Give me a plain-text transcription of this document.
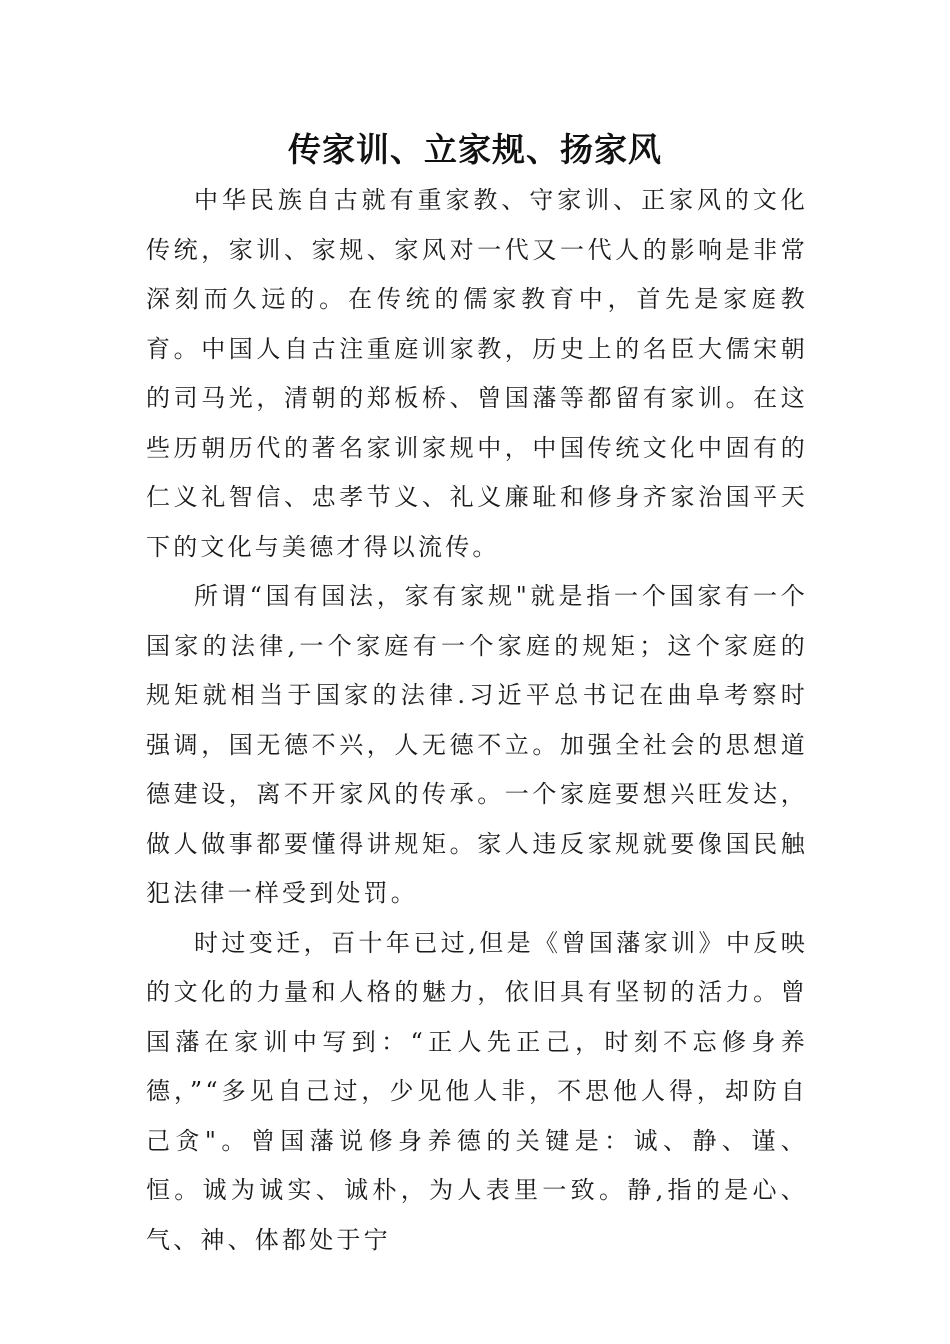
传家训、立家规、扬家风

中华民族自古就有重家教、守家训、正家风的文化传统，家训、家规、家风对一代又一代人的影响是非常深刻而久远的。在传统的儒家教育中，首先是家庭教育。中国人自古注重庭训家教，历史上的名臣大儒宋朝的司马光，清朝的郑板桥、曾国藩等都留有家训。在这些历朝历代的著名家训家规中，中国传统文化中固有的仁义礼智信、忠孝节义、礼义廉耻和修身齐家治国平天下的文化与美德才得以流传。

所谓“国有国法，家有家规"就是指一个国家有一个国家的法律,一个家庭有一个家庭的规矩；这个家庭的规矩就相当于国家的法律.习近平总书记在曲阜考察时强调，国无德不兴，人无德不立。加强全社会的思想道德建设，离不开家风的传承。一个家庭要想兴旺发达，做人做事都要懂得讲规矩。家人违反家规就要像国民触犯法律一样受到处罚。

时过变迁，百十年已过,但是《曾国藩家训》中反映的文化的力量和人格的魅力，依旧具有坚韧的活力。曾国藩在家训中写到：“正人先正己，时刻不忘修身养德，”“多见自己过，少见他人非，不思他人得，却防自己贪"。曾国藩说修身养德的关键是：诚、静、谨、恒。诚为诚实、诚朴，为人表里一致。静,指的是心、气、神、体都处于宁
